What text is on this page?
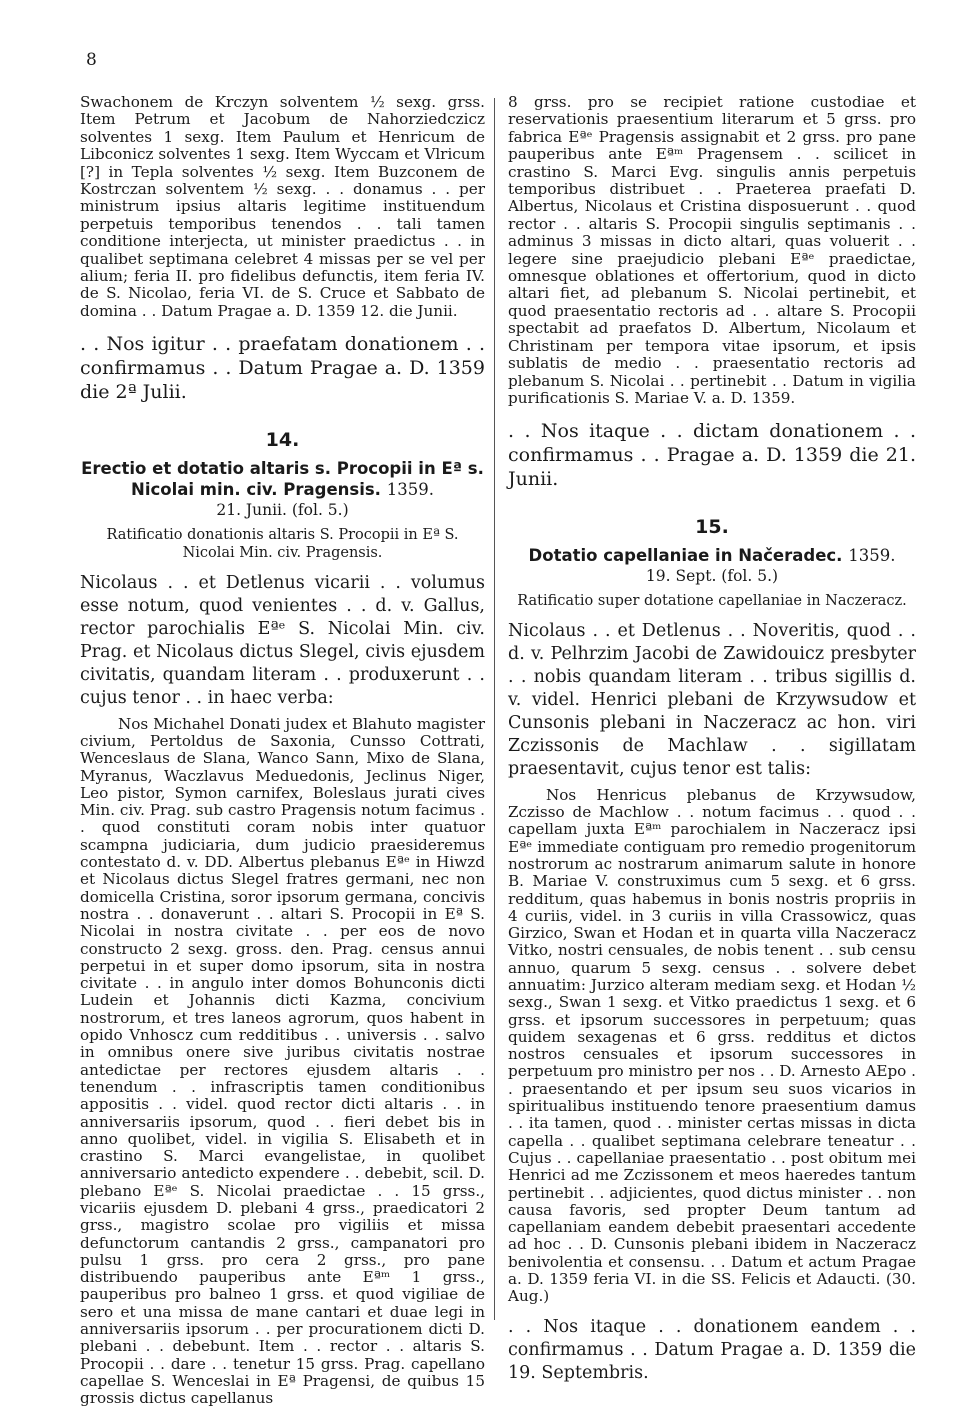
8

Swachonem de Krczyn solventem ½ sexg. grss. Item Petrum et Jacobum de Nahorziedczicz solventes 1 sexg. Item Paulum et Henricum de Libconicz solventes 1 sexg. Item Wyccam et Vlricum [?] in Tepla solventes ½ sexg. Item Buzconem de Kostrczan solventem ½ sexg. . . donamus . . per ministrum ipsius altaris legitime instituendum perpetuis temporibus tenendos . . tali tamen conditione interjecta, ut minister praedictus . . in qualibet septimana celebret 4 missas per se vel per alium; feria II. pro fidelibus defunctis, item feria IV. de S. Nicolao, feria VI. de S. Cruce et Sabbato de domina . . Datum Pragae a. D. 1359 12. die Junii.

. . Nos igitur . . praefatam donationem . . confirmamus . . Datum Pragae a. D. 1359 die 2ª Julii.

14.

Erectio et dotatio altaris s. Procopii in Eª s. Nicolai min. civ. Pragensis. 1359.

21. Junii. (fol. 5.)

Ratificatio donationis altaris S. Procopii in Eª S. Nicolai Min. civ. Pragensis.

Nicolaus . . et Detlenus vicarii . . volumus esse notum, quod venientes . . d. v. Gallus, rector parochialis Eªᵉ S. Nicolai Min. civ. Prag. et Nicolaus dictus Slegel, civis ejusdem civitatis, quandam literam . . produxerunt . . cujus tenor . . in haec verba:

Nos Michahel Donati judex et Blahuto magister civium, Pertoldus de Saxonia, Cunsso Cottrati, Wenceslaus de Slana, Wanco Sann, Mixo de Slana, Myranus, Waczlavus Meduedonis, Jeclinus Niger, Leo pistor, Symon carnifex, Boleslaus jurati cives Min. civ. Prag. sub castro Pragensis notum facimus . . quod constituti coram nobis inter quatuor scampna judiciaria, dum judicio praesideremus contestato d. v. DD. Albertus plebanus Eªᵉ in Hiwzd et Nicolaus dictus Slegel fratres germani, nec non domicella Cristina, soror ipsorum germana, concivis nostra . . donaverunt . . altari S. Procopii in Eª S. Nicolai in nostra civitate . . per eos de novo constructo 2 sexg. gross. den. Prag. census annui perpetui in et super domo ipsorum, sita in nostra civitate . . in angulo inter domos Bohunconis dicti Ludein et Johannis dicti Kazma, concivium nostrorum, et tres laneos agrorum, quos habent in opido Vnhoscz cum redditibus . . universis . . salvo in omnibus onere sive juribus civitatis nostrae antedictae per rectores ejusdem altaris . . tenendum . . infrascriptis tamen conditionibus appositis . . videl. quod rector dicti altaris . . in anniversariis ipsorum, quod . . fieri debet bis in anno quolibet, videl. in vigilia S. Elisabeth et in crastino S. Marci evangelistae, in quolibet anniversario antedicto expendere . . debebit, scil. D. plebano Eªᵉ S. Nicolai praedictae . . 15 grss., vicariis ejusdem D. plebani 4 grss., praedicatori 2 grss., magistro scolae pro vigiliis et missa defunctorum cantandis 2 grss., campanatori pro pulsu 1 grss. pro cera 2 grss., pro pane distribuendo pauperibus ante Eªᵐ 1 grss., pauperibus pro balneo 1 grss. et quod vigiliae de sero et una missa de mane cantari et duae legi in anniversariis ipsorum . . per procurationem dicti D. plebani . . debebunt. Item . . rector . . altaris S. Procopii . . dare . . tenetur 15 grss. Prag. capellano capellae S. Wenceslai in Eª Pragensi, de quibus 15 grossis dictus capellanus

8 grss. pro se recipiet ratione custodiae et reservationis praesentium literarum et 5 grss. pro fabrica Eªᵉ Pragensis assignabit et 2 grss. pro pane pauperibus ante Eªᵐ Pragensem . . scilicet in crastino S. Marci Evg. singulis annis perpetuis temporibus distribuet . . Praeterea praefati D. Albertus, Nicolaus et Cristina disposuerunt . . quod rector . . altaris S. Procopii singulis septimanis . . adminus 3 missas in dicto altari, quas voluerit . . legere sine praejudicio plebani Eªᵉ praedictae, omnesque oblationes et offertorium, quod in dicto altari fiet, ad plebanum S. Nicolai pertinebit, et quod praesentatio rectoris ad . . altare S. Procopii spectabit ad praefatos D. Albertum, Nicolaum et Christinam per tempora vitae ipsorum, et ipsis sublatis de medio . . praesentatio rectoris ad plebanum S. Nicolai . . pertinebit . . Datum in vigilia purificationis S. Mariae V. a. D. 1359.

. . Nos itaque . . dictam donationem . . confirmamus . . Pragae a. D. 1359 die 21. Junii.

15.

Dotatio capellaniae in Načeradec. 1359.

19. Sept. (fol. 5.)

Ratificatio super dotatione capellaniae in Naczeracz.

Nicolaus . . et Detlenus . . Noveritis, quod . . d. v. Pelhrzim Jacobi de Zawidouicz presbyter . . nobis quandam literam . . tribus sigillis d. v. videl. Henrici plebani de Krzywsudow et Cunsonis plebani in Naczeracz ac hon. viri Zczissonis de Machlaw . . sigillatam praesentavit, cujus tenor est talis:

Nos Henricus plebanus de Krzywsudow, Zczisso de Machlow . . notum facimus . . quod . . capellam juxta Eªᵐ parochialem in Naczeracz ipsi Eªᵉ immediate contiguam pro remedio progenitorum nostrorum ac nostrarum animarum salute in honore B. Mariae V. construximus cum 5 sexg. et 6 grss. redditum, quas habemus in bonis nostris propriis in 4 curiis, videl. in 3 curiis in villa Crassowicz, quas Girzico, Swan et Hodan et in quarta villa Naczeracz Vitko, nostri censuales, de nobis tenent . . sub censu annuo, quarum 5 sexg. census . . solvere debet annuatim: Jurzico alteram mediam sexg. et Hodan ½ sexg., Swan 1 sexg. et Vitko praedictus 1 sexg. et 6 grss. et ipsorum successores in perpetuum; quas quidem sexagenas et 6 grss. redditus et dictos nostros censuales et ipsorum successores in perpetuum pro ministro per nos . . D. Arnesto AEpo . . praesentando et per ipsum seu suos vicarios in spiritualibus instituendo tenore praesentium damus . . ita tamen, quod . . minister certas missas in dicta capella . . qualibet septimana celebrare teneatur . . Cujus . . capellaniae praesentatio . . post obitum mei Henrici ad me Zczissonem et meos haeredes tantum pertinebit . . adjicientes, quod dictus minister . . non causa favoris, sed propter Deum tantum ad capellaniam eandem debebit praesentari accedente ad hoc . . D. Cunsonis plebani ibidem in Naczeracz benivolentia et consensu. . . Datum et actum Pragae a. D. 1359 feria VI. in die SS. Felicis et Adaucti. (30. Aug.)

. . Nos itaque . . donationem eandem . . confirmamus . . Datum Pragae a. D. 1359 die 19. Septembris.
